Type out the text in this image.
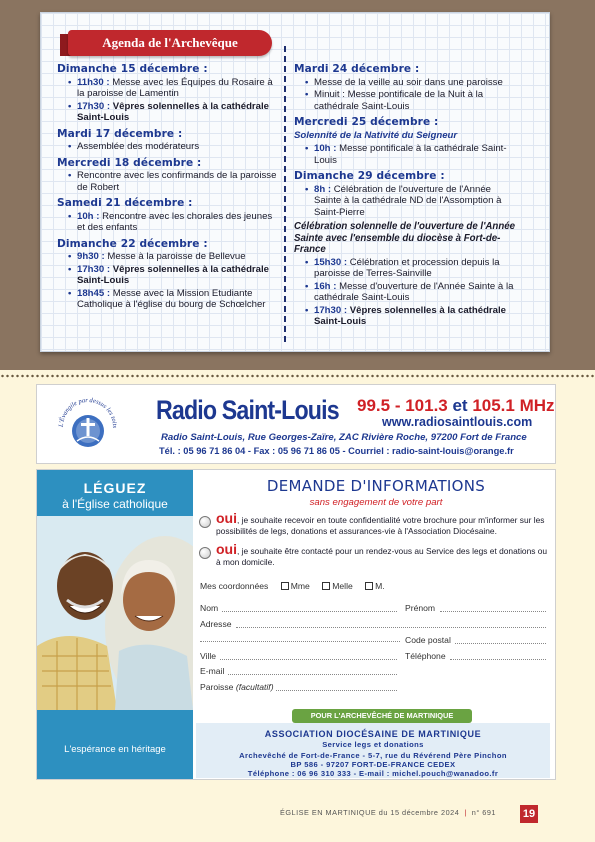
Agenda de l'Archevêque
Dimanche 15 décembre :
• 11h30 : Messe avec les Équipes du Rosaire à la paroisse de Lamentin
• 17h30 : Vêpres solennelles à la cathédrale Saint-Louis
Mardi 17 décembre :
• Assemblée des modérateurs
Mercredi 18 décembre :
• Rencontre avec les confirmands de la paroisse de Robert
Samedi 21 décembre :
• 10h : Rencontre avec les chorales des jeunes et des enfants
Dimanche 22 décembre :
• 9h30 : Messe à la paroisse de Bellevue
• 17h30 : Vêpres solennelles à la cathédrale Saint-Louis
• 18h45 : Messe avec la Mission Etudiante Catholique à l'église du bourg de Schœlcher
Mardi 24 décembre :
• Messe de la veille au soir dans une paroisse
• Minuit : Messe pontificale de la Nuit à la cathédrale Saint-Louis
Mercredi 25 décembre :
Solennité de la Nativité du Seigneur
• 10h : Messe pontificale à la cathédrale Saint-Louis
Dimanche 29 décembre :
• 8h : Célébration de l'ouverture de l'Année Sainte à la cathédrale ND de l'Assomption à Saint-Pierre
Célébration solennelle de l'ouverture de l'Année Sainte avec l'ensemble du diocèse à Fort-de-France
• 15h30 : Célébration et procession depuis la paroisse de Terres-Sainville
• 16h : Messe d'ouverture de l'Année Sainte à la cathédrale Saint-Louis
• 17h30 : Vêpres solennelles à la cathédrale Saint-Louis
L'Évangile par dessus les toits
Radio Saint-Louis 99.5 - 101.3 et 105.1 MHz
www.radiosaintlouis.com
Radio Saint-Louis, Rue Georges-Zaïre, ZAC Rivière Roche, 97200 Fort de France
Tél. : 05 96 71 86 04 - Fax : 05 96 71 86 05 - Courriel : radio-saint-louis@orange.fr
LÉGUEZ
à l'Église catholique
L'espérance en héritage
DEMANDE D'INFORMATIONS
sans engagement de votre part
oui, je souhaite recevoir en toute confidentialité votre brochure pour m'informer sur les possibilités de legs, donations et assurances-vie à l'Association Diocésaine.
oui, je souhaite être contacté pour un rendez-vous au Service des legs et donations ou à mon domicile.
Mes coordonnées	Mme	Melle	M.
Nom	Prénom
Adresse
Code postal
Ville	Téléphone
E-mail
Paroisse (facultatif)
POUR L'ARCHEVÊCHÉ DE MARTINIQUE
ASSOCIATION DIOCÉSAINE DE MARTINIQUE
Service legs et donations
Archevêché de Fort-de-France - 5-7, rue du Révérend Père Pinchon
BP 586 - 97207 FORT-DE-FRANCE CEDEX
Téléphone : 06 96 310 333 - E-mail : michel.pouch@wanadoo.fr
ÉGLISE EN MARTINIQUE du 15 décembre 2024 | n° 691 19
